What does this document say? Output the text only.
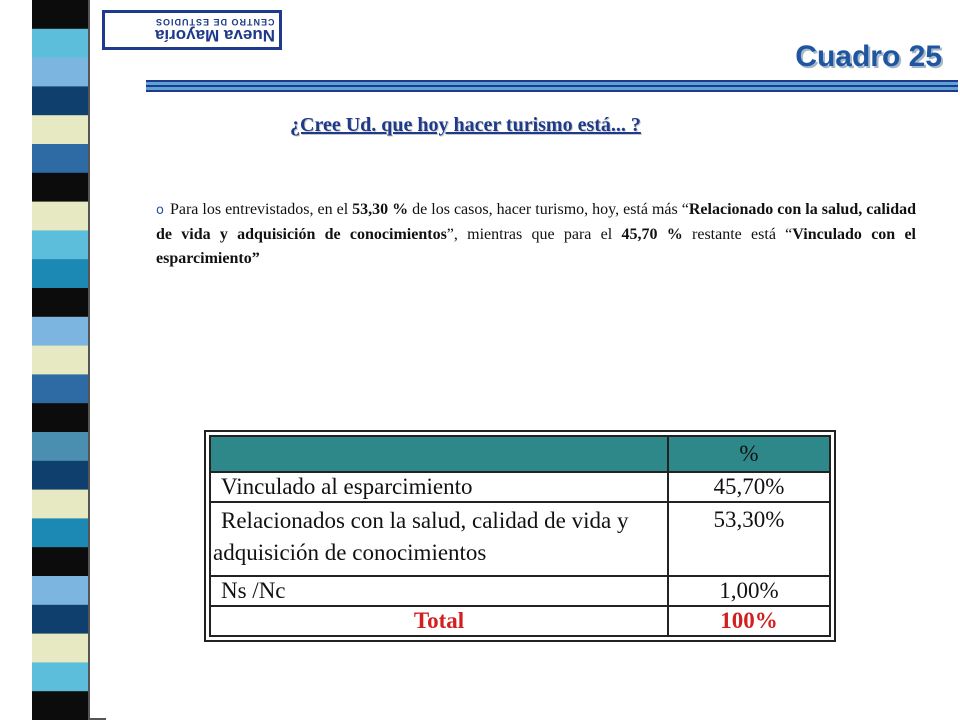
Nueva Mayoría
CENTRO DE ESTUDIOS
Cuadro 25
¿Cree Ud. que hoy hacer turismo está... ?
o Para los entrevistados, en el 53,30 % de los casos, hacer turismo, hoy, está más “Relacionado con la salud, calidad de vida y adquisición de conocimientos”, mientras que para el 45,70 % restante está “Vinculado con el esparcimiento”
	%
Vinculado al esparcimiento	45,70%
Relacionados con la salud, calidad de vida y
adquisición de conocimientos	53,30%
Ns /Nc	1,00%
Total	100%
